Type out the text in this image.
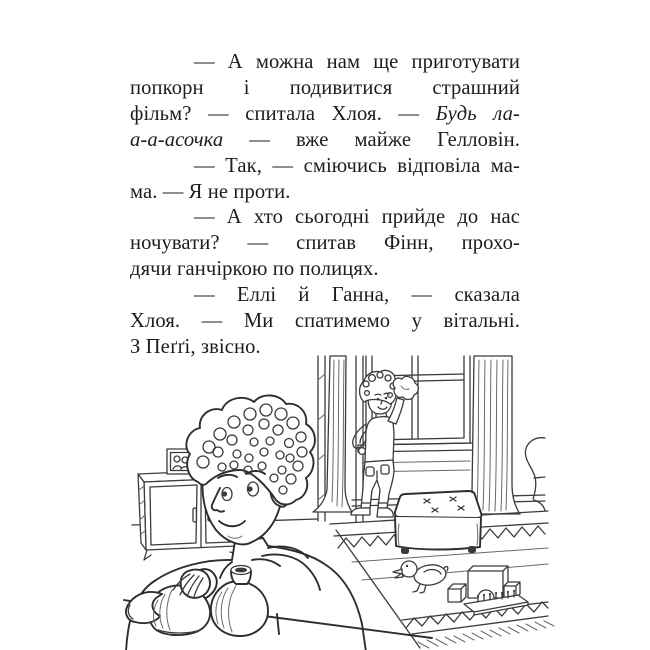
— А можна нам ще приготувати
попкорн і подивитися страшний
фільм? — спитала Хлоя. — Будь ла-
а-а-асочка — вже майже Гелловін.
— Так, — сміючись відповіла ма-
ма. — Я не проти.
— А хто сьогодні прийде до нас
ночувати? — спитав Фінн, прохо-
дячи ганчіркою по полицях.
— Еллі й Ганна, — сказала
Хлоя. — Ми спатимемо у вітальні.
З Пеґґі, звісно.
